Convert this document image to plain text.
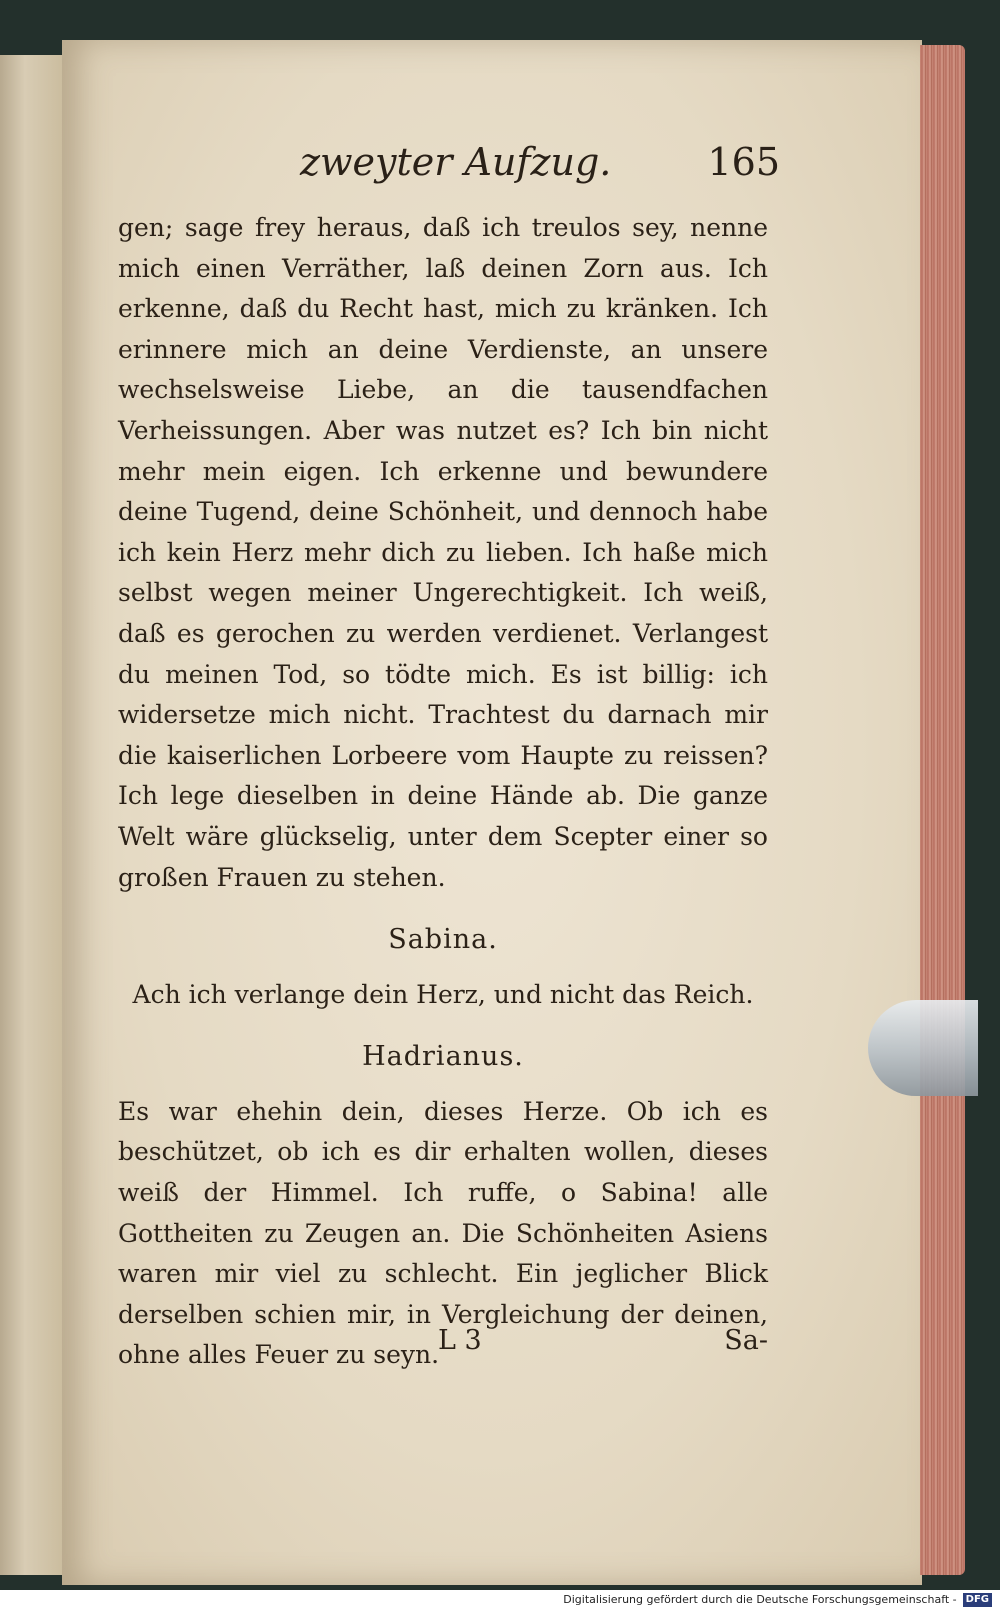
zweyter Aufzug.	165

gen; sage frey heraus, daß ich treulos sey, nenne mich einen Verräther, laß deinen Zorn aus. Ich erkenne, daß du Recht hast, mich zu kränken. Ich erinnere mich an deine Verdienste, an unsere wechselsweise Liebe, an die tausendfachen Verheissungen. Aber was nutzet es? Ich bin nicht mehr mein eigen. Ich erkenne und bewundere deine Tugend, deine Schönheit, und dennoch habe ich kein Herz mehr dich zu lieben. Ich haße mich selbst wegen meiner Ungerechtigkeit. Ich weiß, daß es gerochen zu werden verdienet. Verlangest du meinen Tod, so tödte mich. Es ist billig: ich widersetze mich nicht. Trachtest du darnach mir die kaiserlichen Lorbeere vom Haupte zu reissen? Ich lege dieselben in deine Hände ab. Die ganze Welt wäre glückselig, unter dem Scepter einer so großen Frauen zu stehen.

Sabina.

Ach ich verlange dein Herz, und nicht das Reich.

Hadrianus.

Es war ehehin dein, dieses Herze. Ob ich es beschützet, ob ich es dir erhalten wollen, dieses weiß der Himmel. Ich ruffe, o Sabina! alle Gottheiten zu Zeugen an. Die Schönheiten Asiens waren mir viel zu schlecht. Ein jeglicher Blick derselben schien mir, in Vergleichung der deinen, ohne alles Feuer zu seyn.

L 3	Sa-
Digitalisierung gefördert durch die Deutsche Forschungsgemeinschaft - DFG
